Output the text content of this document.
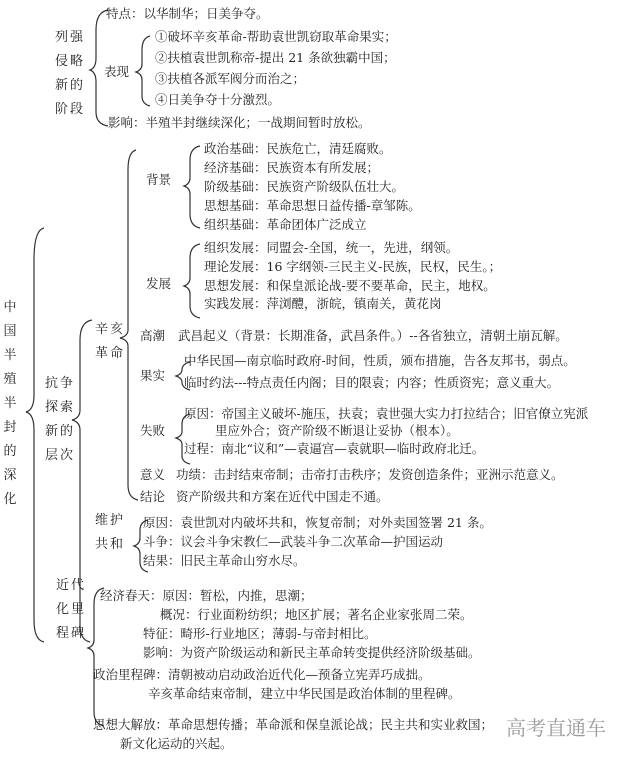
中国半殖半封的深化
列强侵略新的阶段
特点：以华制华；日美争夺。
表现
①破坏辛亥革命-帮助袁世凯窃取革命果实；
②扶植袁世凯称帝-提出 21 条欲独霸中国；
③扶植各派军阀分而治之；
④日美争夺十分激烈。
影响：半殖半封继续深化；一战期间暂时放松。
抗争探索新的层次
辛亥革命
背景
政治基础：民族危亡，清廷腐败。
经济基础：民族资本有所发展；
阶级基础：民族资产阶级队伍壮大。
思想基础：革命思想日益传播-章邹陈。
组织基础：革命团体广泛成立
发展
组织发展：同盟会-全国，统一，先进，纲领。
理论发展：16 字纲领-三民主义-民族，民权，民生。；
思想发展：和保皇派论战-要不要革命，民主，地权。
实践发展：萍浏醴，浙皖，镇南关，黄花岗
高潮 武昌起义（背景：长期准备，武昌条件。）--各省独立，清朝土崩瓦解。
果实
中华民国—南京临时政府-时间，性质，颁布措施，告各友邦书，弱点。
临时约法---特点责任内阁；目的限袁；内容；性质资宪；意义重大。
失败
原因：帝国主义破坏-施压，扶袁；袁世强大实力打拉结合；旧官僚立宪派
里应外合；资产阶级不断退让妥协（根本）。
过程：南北“议和”—袁逼宫—袁就职—临时政府北迁。
意义 功绩：击封结束帝制；击帝打击秩序；发资创造条件；亚洲示范意义。
结论 资产阶级共和方案在近代中国走不通。
维护共和
原因：袁世凯对内破坏共和，恢复帝制；对外卖国签署 21 条。
斗争：议会斗争宋教仁—武装斗争二次革命—护国运动
结果：旧民主革命山穷水尽。
近代化里程碑
经济春天：原因：暂松，内推，思潮；
概况：行业面粉纺织；地区扩展；著名企业家张周二荣。
特征：畸形-行业地区；薄弱-与帝封相比。
影响：为资产阶级运动和新民主革命转变提供经济阶级基础。
政治里程碑：清朝被动启动政治近代化—预备立宪弄巧成拙。
辛亥革命结束帝制，建立中华民国是政治体制的里程碑。
思想大解放：革命思想传播；革命派和保皇派论战；民主共和实业救国；
新文化运动的兴起。
高考直通车
